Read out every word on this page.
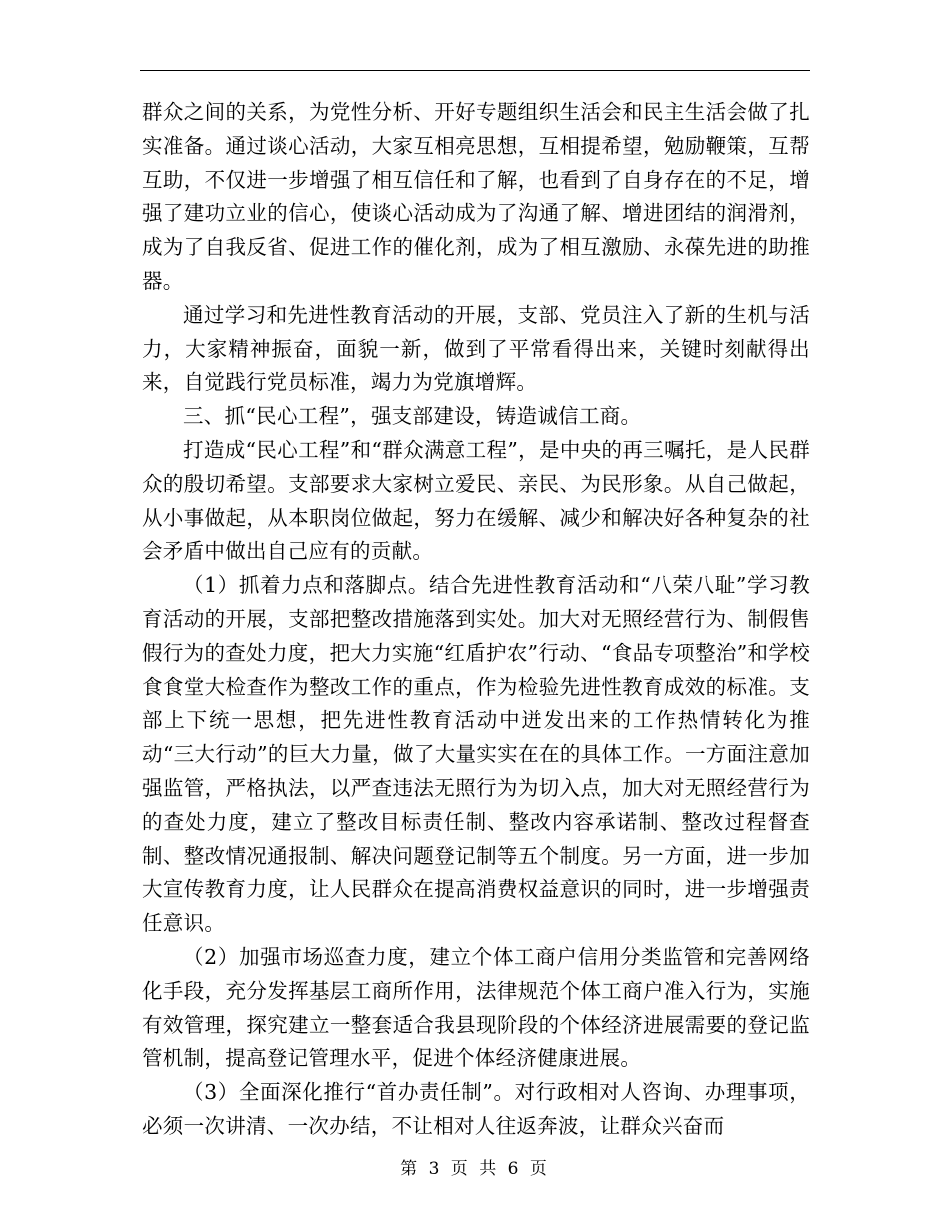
群众之间的关系，为党性分析、开好专题组织生活会和民主生活会做了扎实准备。通过谈心活动，大家互相亮思想，互相提希望，勉励鞭策，互帮互助，不仅进一步增强了相互信任和了解，也看到了自身存在的不足，增强了建功立业的信心，使谈心活动成为了沟通了解、增进团结的润滑剂，成为了自我反省、促进工作的催化剂，成为了相互激励、永葆先进的助推器。

通过学习和先进性教育活动的开展，支部、党员注入了新的生机与活力，大家精神振奋，面貌一新，做到了平常看得出来，关键时刻献得出来，自觉践行党员标准，竭力为党旗增辉。

三、抓“民心工程”，强支部建设，铸造诚信工商。

打造成“民心工程”和“群众满意工程”，是中央的再三嘱托，是人民群众的殷切希望。支部要求大家树立爱民、亲民、为民形象。从自己做起，从小事做起，从本职岗位做起，努力在缓解、减少和解决好各种复杂的社会矛盾中做出自己应有的贡献。

（1）抓着力点和落脚点。结合先进性教育活动和“八荣八耻”学习教育活动的开展，支部把整改措施落到实处。加大对无照经营行为、制假售假行为的查处力度，把大力实施“红盾护农”行动、“食品专项整治”和学校食食堂大检查作为整改工作的重点，作为检验先进性教育成效的标准。支部上下统一思想，把先进性教育活动中迸发出来的工作热情转化为推动“三大行动”的巨大力量，做了大量实实在在的具体工作。一方面注意加强监管，严格执法，以严查违法无照行为为切入点，加大对无照经营行为的查处力度，建立了整改目标责任制、整改内容承诺制、整改过程督查制、整改情况通报制、解决问题登记制等五个制度。另一方面，进一步加大宣传教育力度，让人民群众在提高消费权益意识的同时，进一步增强责任意识。

（2）加强市场巡查力度，建立个体工商户信用分类监管和完善网络化手段，充分发挥基层工商所作用，法律规范个体工商户准入行为，实施有效管理，探究建立一整套适合我县现阶段的个体经济进展需要的登记监管机制，提高登记管理水平，促进个体经济健康进展。

（3）全面深化推行“首办责任制”。对行政相对人咨询、办理事项，必须一次讲清、一次办结，不让相对人往返奔波，让群众兴奋而

第 3 页 共 6 页
